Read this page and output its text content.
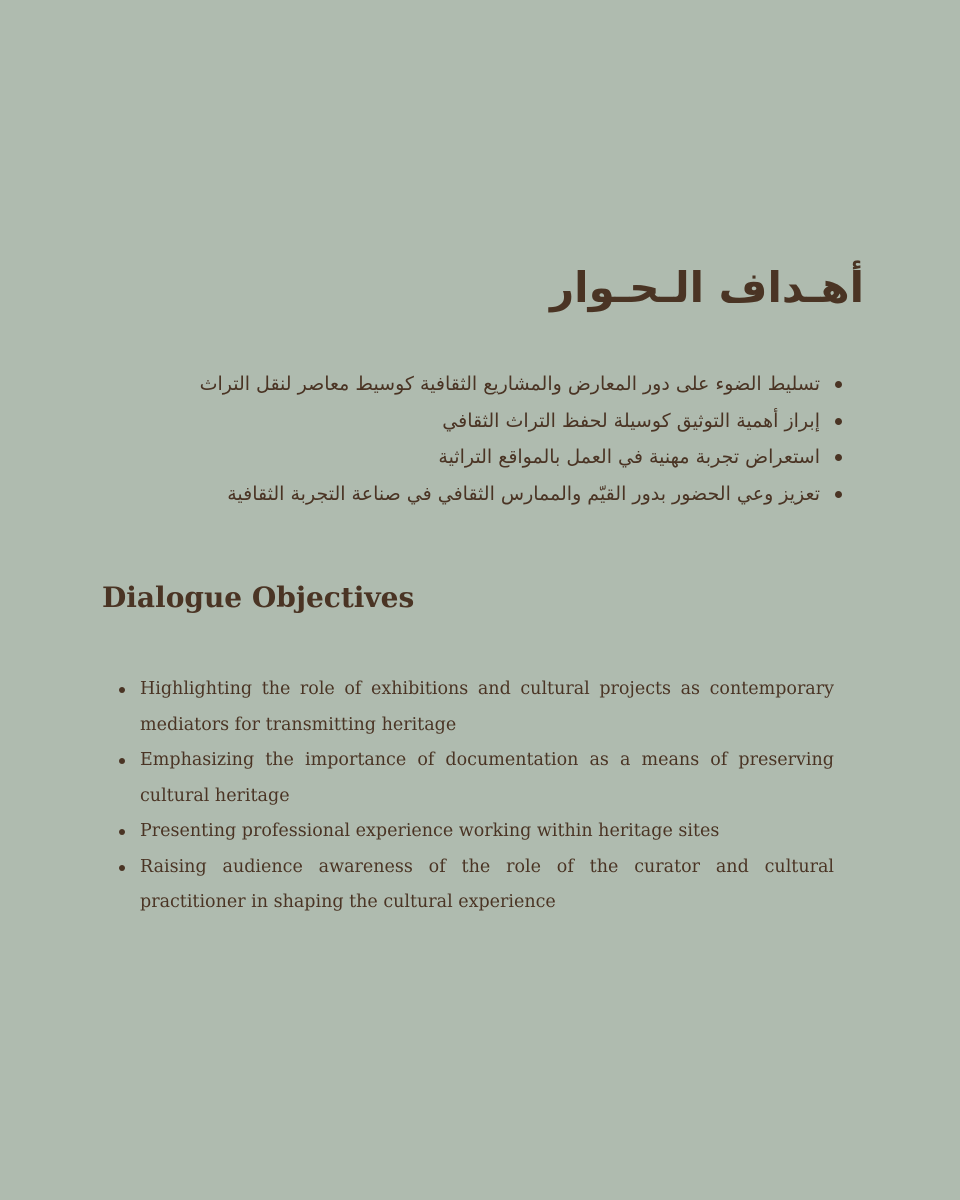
أهـداف الـحـوار
تسليط الضوء على دور المعارض والمشاريع الثقافية كوسيط معاصر لنقل التراث
إبراز أهمية التوثيق كوسيلة لحفظ التراث الثقافي
استعراض تجربة مهنية في العمل بالمواقع التراثية
تعزيز وعي الحضور بدور القيّم والممارس الثقافي في صناعة التجربة الثقافية
Dialogue Objectives
Highlighting the role of exhibitions and cultural projects as contemporary mediators for transmitting heritage
Emphasizing the importance of documentation as a means of preserving cultural heritage
Presenting professional experience working within heritage sites
Raising audience awareness of the role of the curator and cultural practitioner in shaping the cultural experience
